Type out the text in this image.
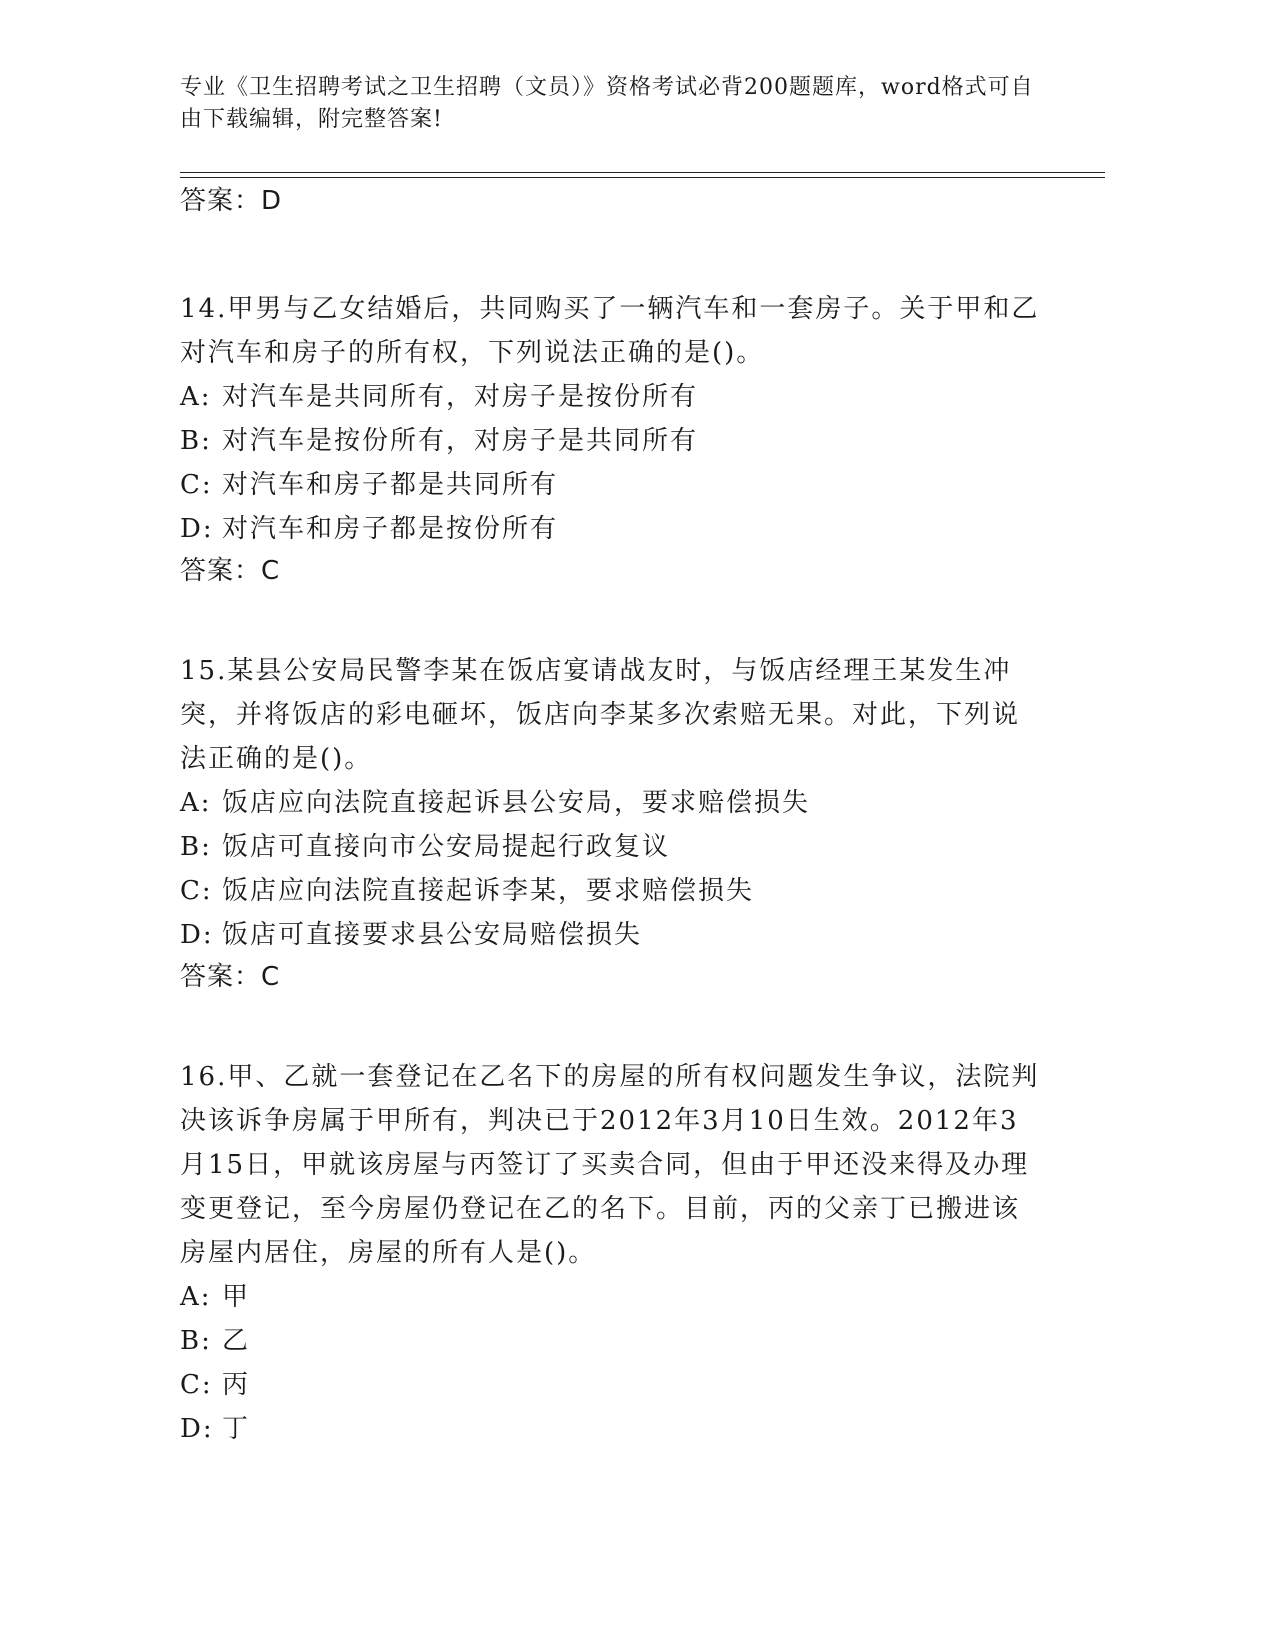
专业《卫生招聘考试之卫生招聘（文员）》资格考试必背200题题库，word格式可自由下载编辑，附完整答案!

答案：D

14.甲男与乙女结婚后，共同购买了一辆汽车和一套房子。关于甲和乙对汽车和房子的所有权，下列说法正确的是()。

A: 对汽车是共同所有，对房子是按份所有

B: 对汽车是按份所有，对房子是共同所有

C: 对汽车和房子都是共同所有

D: 对汽车和房子都是按份所有

答案：C

15.某县公安局民警李某在饭店宴请战友时，与饭店经理王某发生冲突，并将饭店的彩电砸坏，饭店向李某多次索赔无果。对此，下列说法正确的是()。

A: 饭店应向法院直接起诉县公安局，要求赔偿损失

B: 饭店可直接向市公安局提起行政复议

C: 饭店应向法院直接起诉李某，要求赔偿损失

D: 饭店可直接要求县公安局赔偿损失

答案：C

16.甲、乙就一套登记在乙名下的房屋的所有权问题发生争议，法院判决该诉争房属于甲所有，判决已于2012年3月10日生效。2012年3月15日，甲就该房屋与丙签订了买卖合同，但由于甲还没来得及办理变更登记，至今房屋仍登记在乙的名下。目前，丙的父亲丁已搬进该房屋内居住，房屋的所有人是()。

A: 甲

B: 乙

C: 丙

D: 丁
